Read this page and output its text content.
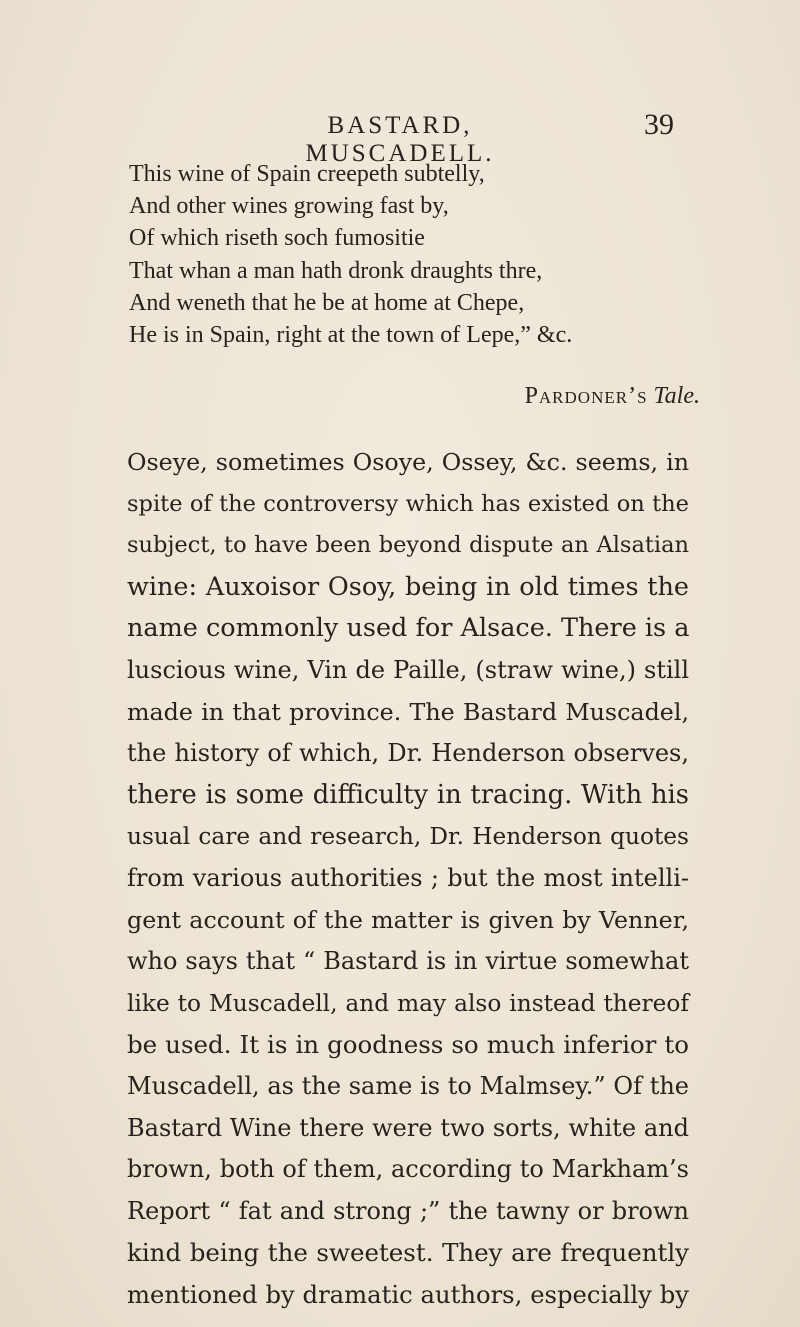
BASTARD, MUSCADELL.
39
This wine of Spain creepeth subtelly,
And other wines growing fast by,
Of which riseth soch fumositie
That whan a man hath dronk draughts thre,
And weneth that he be at home at Chepe,
He is in Spain, right at the town of Lepe,” &c.
Pardoner’s Tale.
Oseye, sometimes Osoye, Ossey, &c. seems, in
spite of the controversy which has existed on the
subject, to have been beyond dispute an Alsatian
wine: Auxoisor Osoy, being in old times the
name commonly used for Alsace. There is a
luscious wine, Vin de Paille, (straw wine,) still
made in that province. The Bastard Muscadel,
the history of which, Dr. Henderson observes,
there is some difficulty in tracing. With his
usual care and research, Dr. Henderson quotes
from various authorities ; but the most intelli-
gent account of the matter is given by Venner,
who says that “ Bastard is in virtue somewhat
like to Muscadell, and may also instead thereof
be used. It is in goodness so much inferior to
Muscadell, as the same is to Malmsey.” Of the
Bastard Wine there were two sorts, white and
brown, both of them, according to Markham’s
Report “ fat and strong ;” the tawny or brown
kind being the sweetest. They are frequently
mentioned by dramatic authors, especially by
